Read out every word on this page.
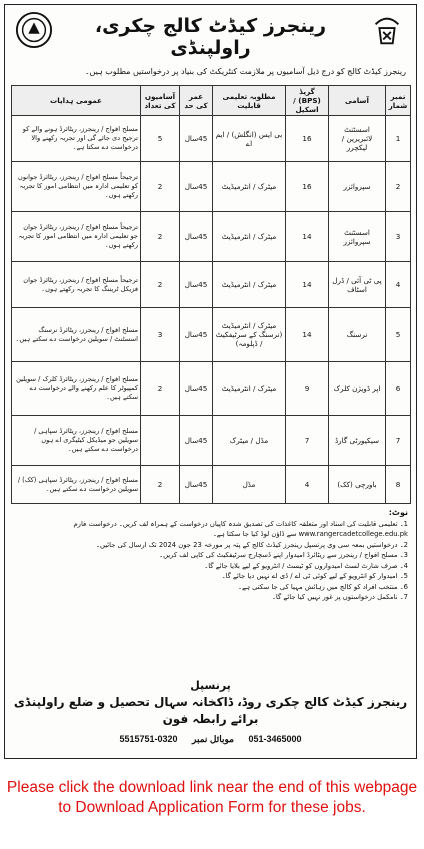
رینجرز کیڈٹ کالج چکری، راولپنڈی
رینجرز کیڈٹ کالج کو درج ذیل آسامیوں پر ملازمت کنٹریکٹ کی بنیاد پر درخواستیں مطلوب ہیں۔
نمبر شمار	آسامی	گریڈ (BPS) / اسکیل	مطلوبہ تعلیمی قابلیت	عمر کی حد	آسامیوں کی تعداد	عمومی ہدایات
1	اسسٹنٹ لائبریرین / لیکچرر	16	بی ایس (انگلش) / ایم اے	45سال	5	مسلح افواج / رینجرز، ریٹائرڈ ہونے والے کو ترجیح دی جائے گی اور تجربہ رکھنے والا درخواست دے سکتا ہے۔
2	سپروائزر	16	میٹرک / انٹرمیڈیٹ	45سال	2	ترجیحاً مسلح افواج / رینجرز، ریٹائرڈ جوانوں کو تعلیمی ادارہ میں انتظامی امور کا تجربہ رکھتے ہوں۔
3	اسسٹنٹ سپروائزر	14	میٹرک / انٹرمیڈیٹ	45سال	2	ترجیحاً مسلح افواج / رینجرز، ریٹائرڈ جوان جو تعلیمی ادارہ میں انتظامی امور کا تجربہ رکھتے ہوں۔
4	پی ٹی آئی / ڈرل اسٹاف	14	میٹرک / انٹرمیڈیٹ	45سال	2	ترجیحاً مسلح افواج / رینجرز، ریٹائرڈ جوان فزیکل ٹریننگ کا تجربہ رکھتے ہوں۔
5	نرسنگ	14	میٹرک / انٹرمیڈیٹ (نرسنگ کے سرٹیفکیٹ / ڈپلومہ)	45سال	3	مسلح افواج / رینجرز، ریٹائرڈ نرسنگ اسسٹنٹ / سویلین درخواست دے سکتے ہیں۔
6	اپر ڈویژن کلرک	9	میٹرک / انٹرمیڈیٹ	45سال	2	مسلح افواج / رینجرز، ریٹائرڈ کلرک / سویلین کمپیوٹر کا علم رکھنے والے درخواست دے سکتے ہیں۔
7	سیکیورٹی گارڈ	7	مڈل / میٹرک	45سال		مسلح افواج / رینجرز، ریٹائرڈ سپاہی / سویلین جو میڈیکل کیٹیگری اے ہوں درخواست دے سکتے ہیں۔
8	باورچی (کک)	4	مڈل	45سال	2	مسلح افواج / رینجرز، ریٹائرڈ سپاہی (کک) / سویلین درخواست دے سکتے ہیں۔
نوٹ:
1۔ تعلیمی قابلیت کی اسناد اور متعلقہ کاغذات کی تصدیق شدہ کاپیاں درخواست کے ہمراہ لف کریں۔ درخواست فارم www.rangercadetcollege.edu.pk سے ڈاؤن لوڈ کیا جا سکتا ہے۔
2۔ درخواستیں بمعہ سی وی پرنسپل رینجرز کیڈٹ کالج کے پتہ پر مورخہ 23 جون 2024 تک ارسال کی جائیں۔
3۔ مسلح افواج / رینجرز سے ریٹائرڈ امیدوار اپنے ڈسچارج سرٹیفکیٹ کی کاپی لف کریں۔
4۔ صرف شارٹ لسٹ امیدواروں کو ٹیسٹ / انٹرویو کے لیے بلایا جائے گا۔
5۔ امیدوار کو انٹرویو کے لیے کوئی ٹی اے / ڈی اے نہیں دیا جائے گا۔
6۔ منتخب افراد کو کالج میں رہائش مہیا کی جا سکتی ہے۔
7۔ نامکمل درخواستوں پر غور نہیں کیا جائے گا۔
پرنسپل
رینجرز کیڈٹ کالج چکری روڈ، ڈاکخانہ سہال تحصیل و ضلع راولپنڈی
برائے رابطہ فون
051-3465000 موبائل نمبر 0320-5515751
Please click the download link near the end of this webpage to Download Application Form for these jobs.
